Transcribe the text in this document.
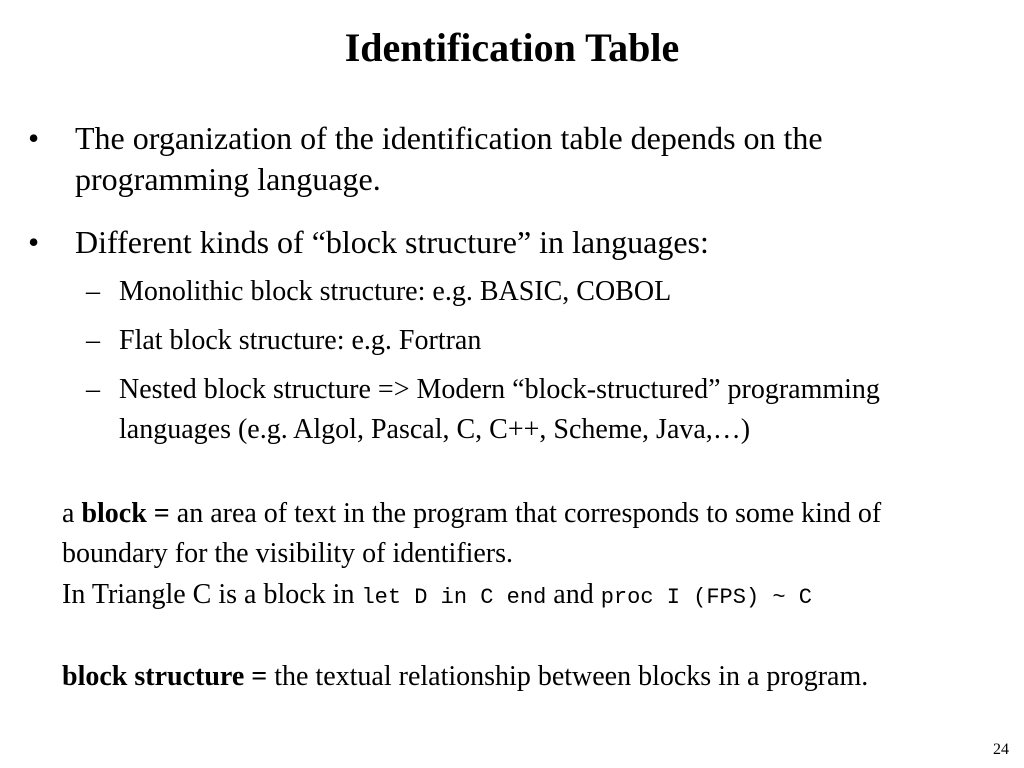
Identification Table
•	The organization of the identification table depends on the programming language.
•	Different kinds of “block structure” in languages:
– Monolithic block structure: e.g. BASIC, COBOL
– Flat block structure: e.g. Fortran
– Nested block structure => Modern “block-structured” programming languages (e.g. Algol, Pascal, C, C++, Scheme, Java,…)
a block = an area of text in the program that corresponds to some kind of boundary for the visibility of identifiers.
In Triangle C is a block in let D in C end and proc I (FPS) ~ C
block structure = the textual relationship between blocks in a program.
24
